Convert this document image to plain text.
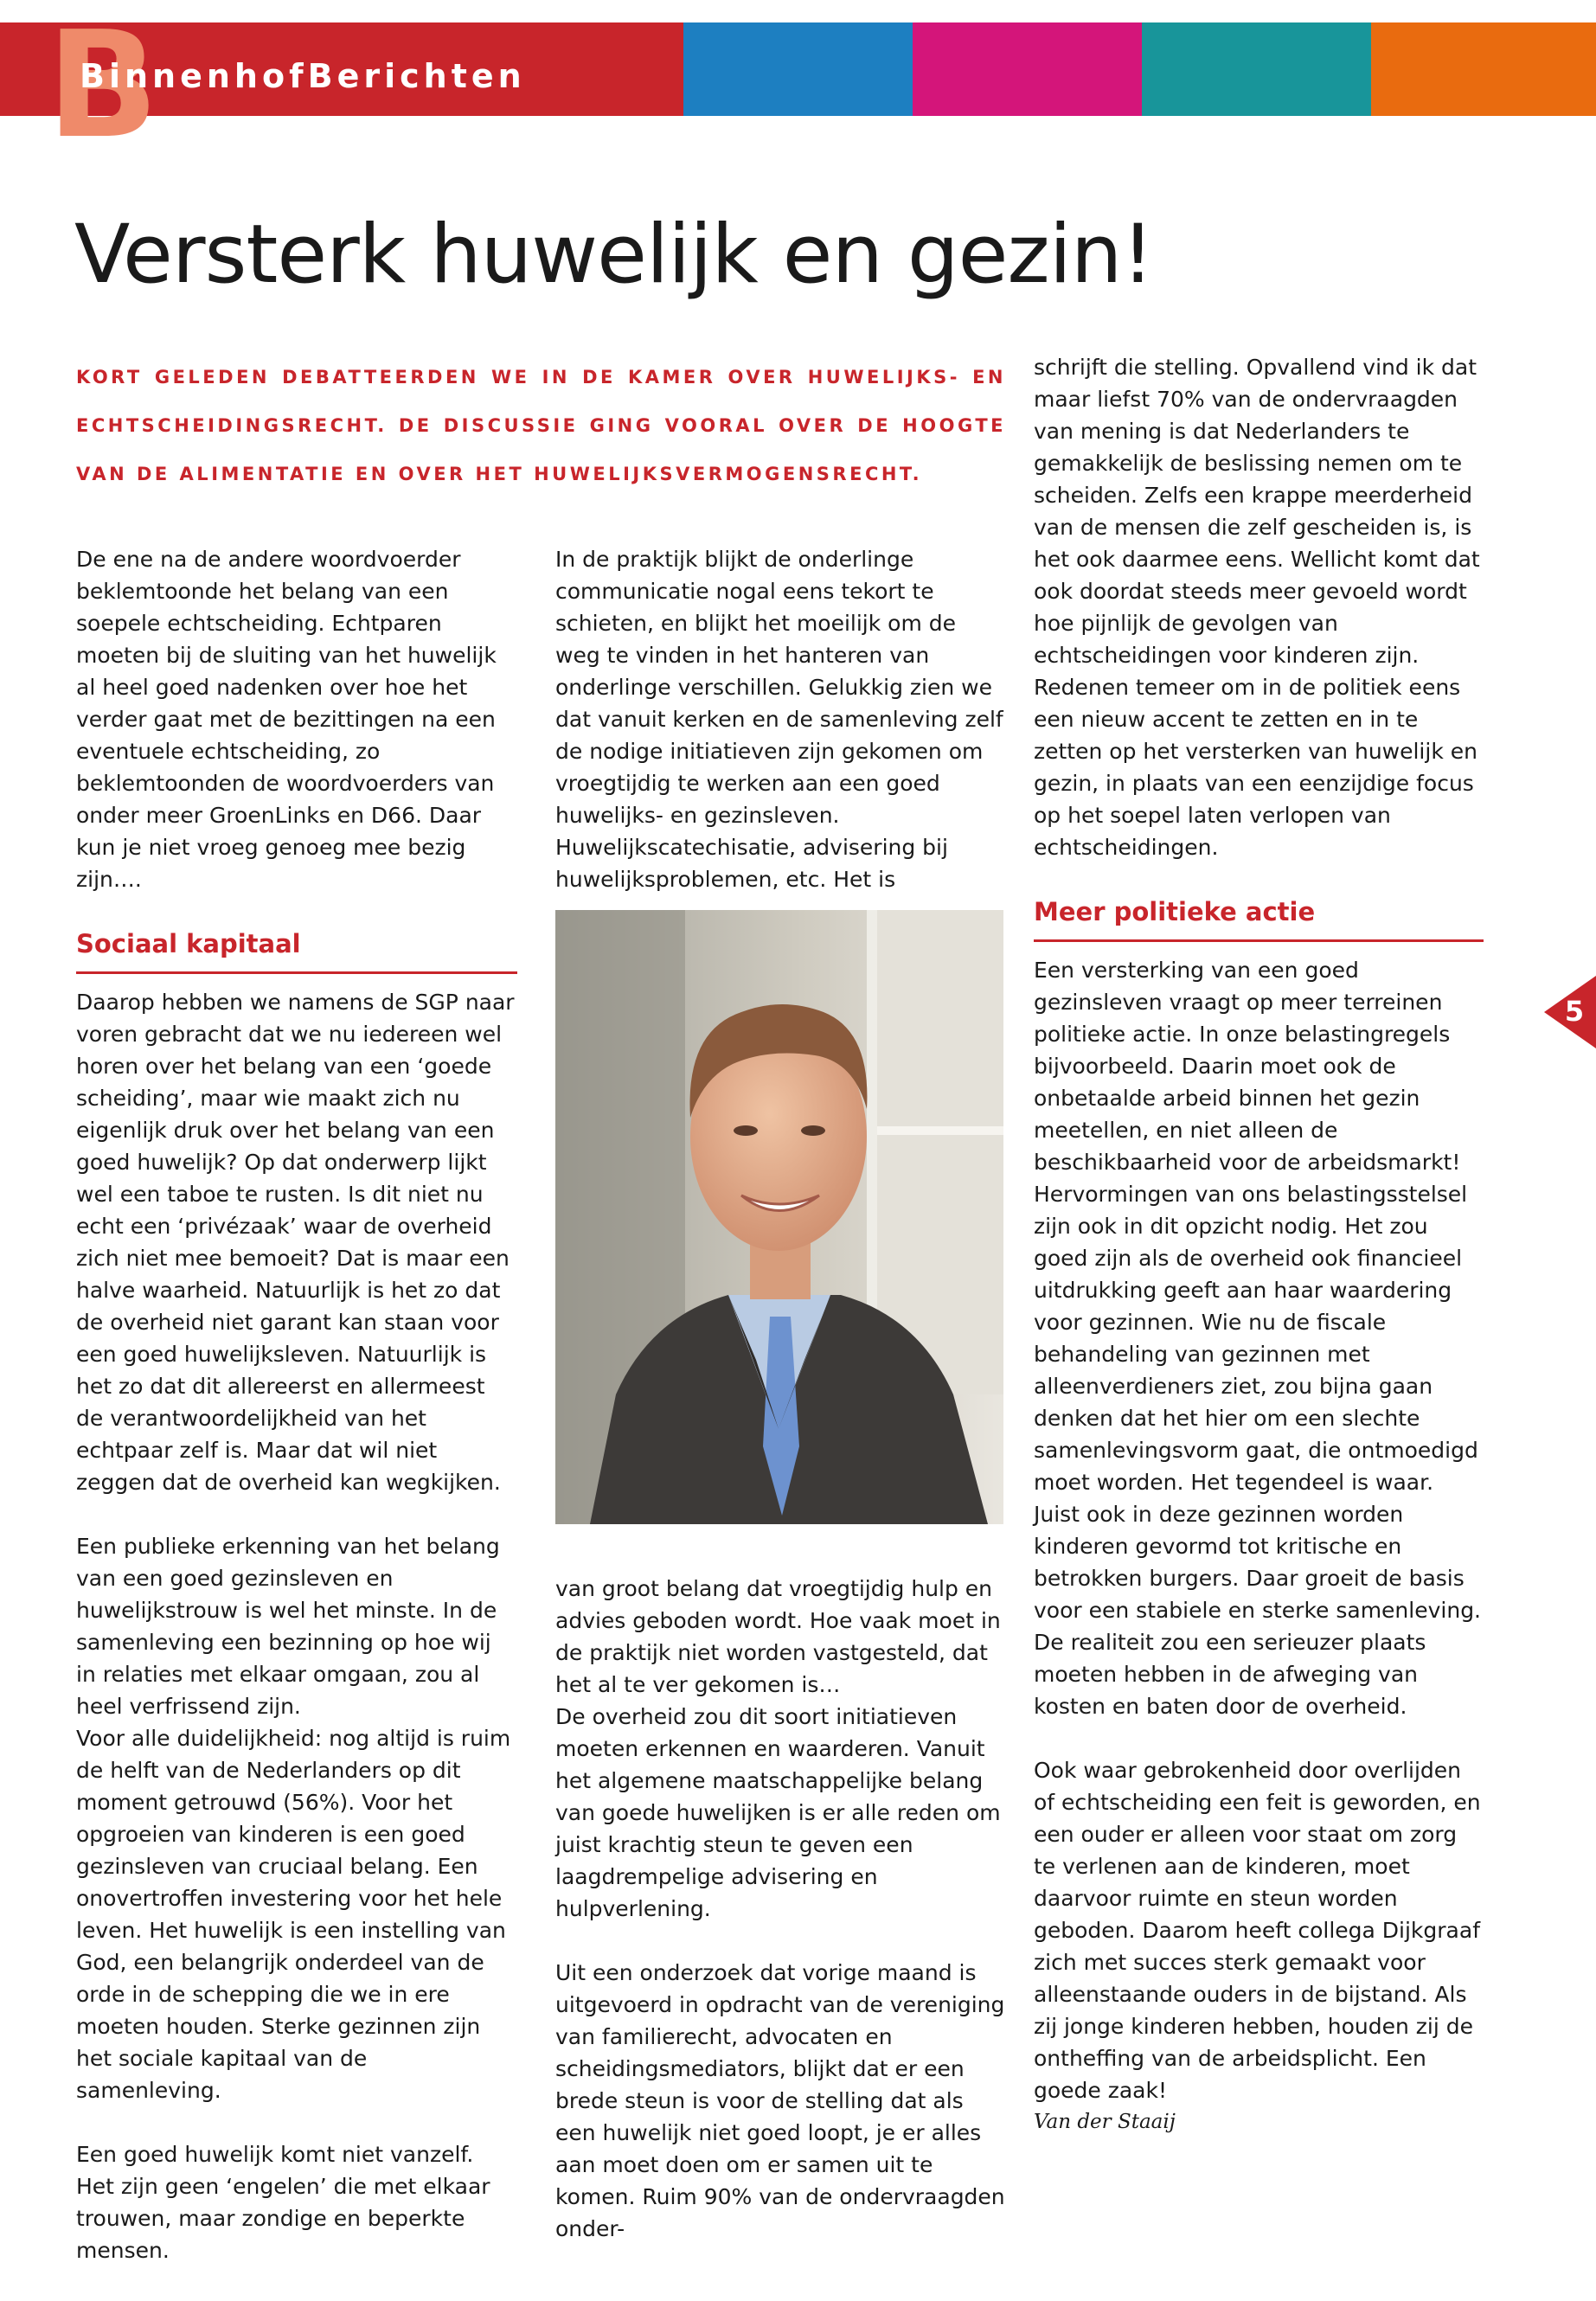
B
BinnenhofBerichten
Versterk huwelijk en gezin!
KORT GELEDEN DEBATTEERDEN WE IN DE KAMER OVER HUWELIJKS- EN ECHTSCHEIDINGSRECHT. DE DISCUSSIE GING VOORAL OVER DE HOOGTE VAN DE ALIMENTATIE EN OVER HET HUWELIJKSVERMOGENSRECHT.

De ene na de andere woordvoerder beklemtoonde het belang van een soepele echtscheiding. Echtparen moeten bij de sluiting van het huwelijk al heel goed nadenken over hoe het verder gaat met de bezittingen na een eventuele echtscheiding, zo beklemtoonden de woordvoerders van onder meer GroenLinks en D66. Daar kun je niet vroeg genoeg mee bezig zijn….

Sociaal kapitaal

Daarop hebben we namens de SGP naar voren gebracht dat we nu iedereen wel horen over het belang van een ‘goede scheiding’, maar wie maakt zich nu eigenlijk druk over het belang van een goed huwelijk? Op dat onderwerp lijkt wel een taboe te rusten. Is dit niet nu echt een ‘privézaak’ waar de overheid zich niet mee bemoeit? Dat is maar een halve waarheid. Natuurlijk is het zo dat de overheid niet garant kan staan voor een goed huwelijksleven. Natuurlijk is het zo dat dit allereerst en allermeest de verantwoordelijkheid van het echtpaar zelf is. Maar dat wil niet zeggen dat de overheid kan wegkijken.

Een publieke erkenning van het belang van een goed gezinsleven en huwelijkstrouw is wel het minste. In de samenleving een bezinning op hoe wij in relaties met elkaar omgaan, zou al heel verfrissend zijn.

Voor alle duidelijkheid: nog altijd is ruim de helft van de Nederlanders op dit moment getrouwd (56%). Voor het opgroeien van kinderen is een goed gezinsleven van cruciaal belang. Een onovertroffen investering voor het hele leven. Het huwelijk is een instelling van God, een belangrijk onderdeel van de orde in de schepping die we in ere moeten houden. Sterke gezinnen zijn het sociale kapitaal van de samenleving.

Een goed huwelijk komt niet vanzelf. Het zijn geen ‘engelen’ die met elkaar trouwen, maar zondige en beperkte mensen.

In de praktijk blijkt de onderlinge communicatie nogal eens tekort te schieten, en blijkt het moeilijk om de weg te vinden in het hanteren van onderlinge verschillen. Gelukkig zien we dat vanuit kerken en de samenleving zelf de nodige initiatieven zijn gekomen om vroegtijdig te werken aan een goed huwelijks- en gezinsleven. Huwelijkscatechisatie, advisering bij huwelijksproblemen, etc. Het is

van groot belang dat vroegtijdig hulp en advies geboden wordt. Hoe vaak moet in de praktijk niet worden vastgesteld, dat het al te ver gekomen is…

De overheid zou dit soort initiatieven moeten erkennen en waarderen. Vanuit het algemene maatschappelijke belang van goede huwelijken is er alle reden om juist krachtig steun te geven een laagdrempelige advisering en hulpverlening.

Uit een onderzoek dat vorige maand is uitgevoerd in opdracht van de vereniging van familierecht, advocaten en scheidingsmediators, blijkt dat er een brede steun is voor de stelling dat als een huwelijk niet goed loopt, je er alles aan moet doen om er samen uit te komen. Ruim 90% van de ondervraagden onder-

schrijft die stelling. Opvallend vind ik dat maar liefst 70% van de ondervraagden van mening is dat Nederlanders te gemakkelijk de beslissing nemen om te scheiden. Zelfs een krappe meerderheid van de mensen die zelf gescheiden is, is het ook daarmee eens. Wellicht komt dat ook doordat steeds meer gevoeld wordt hoe pijnlijk de gevolgen van echtscheidingen voor kinderen zijn. Redenen temeer om in de politiek eens een nieuw accent te zetten en in te zetten op het versterken van huwelijk en gezin, in plaats van een eenzijdige focus op het soepel laten verlopen van echtscheidingen.

Meer politieke actie

Een versterking van een goed gezinsleven vraagt op meer terreinen politieke actie. In onze belastingregels bijvoorbeeld. Daarin moet ook de onbetaalde arbeid binnen het gezin meetellen, en niet alleen de beschikbaarheid voor de arbeidsmarkt! Hervormingen van ons belastingsstelsel zijn ook in dit opzicht nodig. Het zou goed zijn als de overheid ook financieel uitdrukking geeft aan haar waardering voor gezinnen. Wie nu de fiscale behandeling van gezinnen met alleenverdieners ziet, zou bijna gaan denken dat het hier om een slechte samenlevingsvorm gaat, die ontmoedigd moet worden. Het tegendeel is waar. Juist ook in deze gezinnen worden kinderen gevormd tot kritische en betrokken burgers. Daar groeit de basis voor een stabiele en sterke samenleving. De realiteit zou een serieuzer plaats moeten hebben in de afweging van kosten en baten door de overheid.

Ook waar gebrokenheid door overlijden of echtscheiding een feit is geworden, en een ouder er alleen voor staat om zorg te verlenen aan de kinderen, moet daarvoor ruimte en steun worden geboden. Daarom heeft collega Dijkgraaf zich met succes sterk gemaakt voor alleenstaande ouders in de bijstand. Als zij jonge kinderen hebben, houden zij de ontheffing van de arbeidsplicht. Een goede zaak!

Van der Staaij

5
